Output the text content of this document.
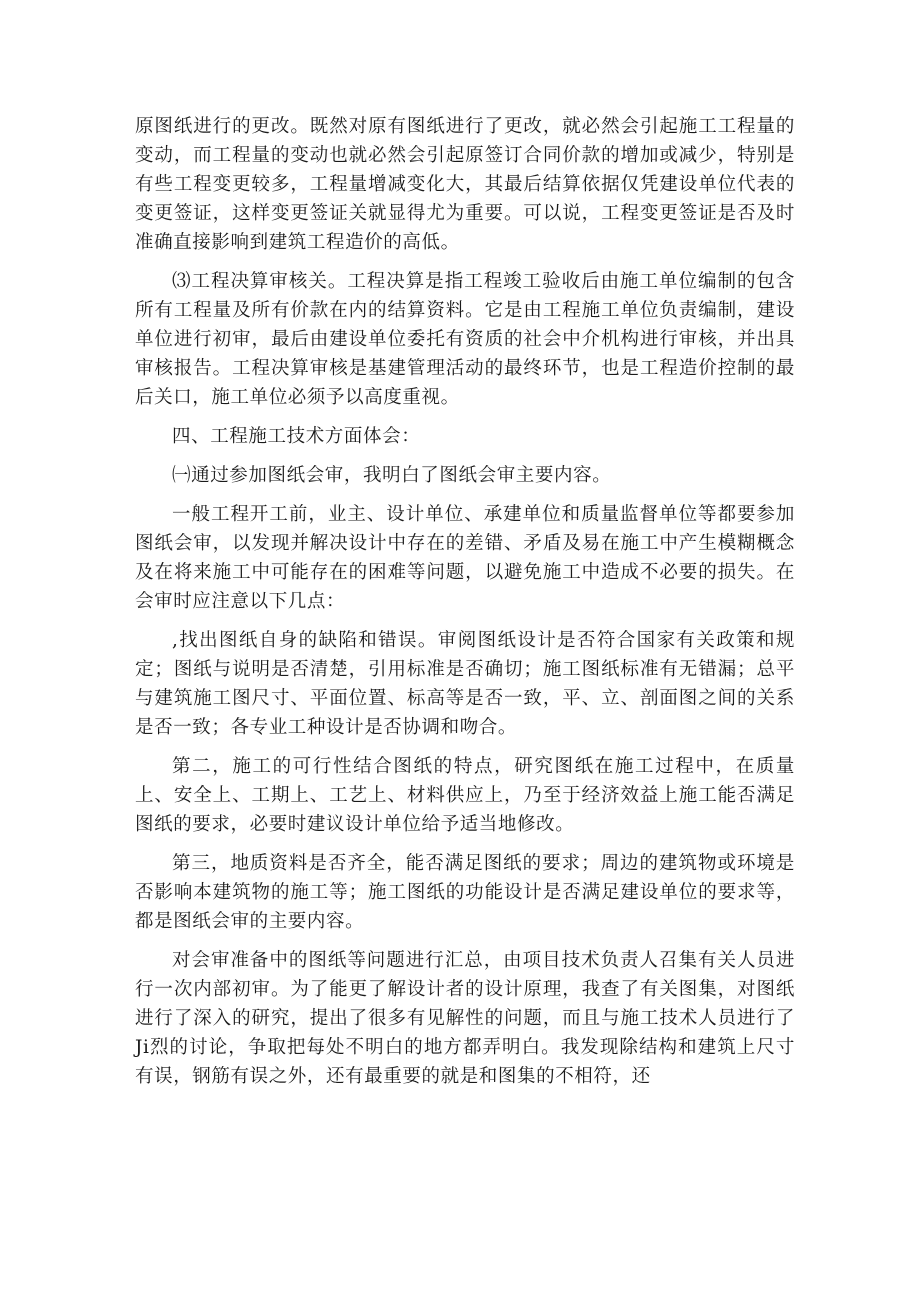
原图纸进行的更改。既然对原有图纸进行了更改，就必然会引起施工工程量的变动，而工程量的变动也就必然会引起原签订合同价款的增加或减少，特别是有些工程变更较多，工程量增减变化大，其最后结算依据仅凭建设单位代表的变更签证，这样变更签证关就显得尤为重要。可以说，工程变更签证是否及时准确直接影响到建筑工程造价的高低。

⑶工程决算审核关。工程决算是指工程竣工验收后由施工单位编制的包含所有工程量及所有价款在内的结算资料。它是由工程施工单位负责编制，建设单位进行初审，最后由建设单位委托有资质的社会中介机构进行审核，并出具审核报告。工程决算审核是基建管理活动的最终环节，也是工程造价控制的最后关口，施工单位必须予以高度重视。

四、工程施工技术方面体会：

㈠通过参加图纸会审，我明白了图纸会审主要内容。

一般工程开工前，业主、设计单位、承建单位和质量监督单位等都要参加图纸会审，以发现并解决设计中存在的差错、矛盾及易在施工中产生模糊概念及在将来施工中可能存在的困难等问题，以避免施工中造成不必要的损失。在会审时应注意以下几点：

,找出图纸自身的缺陷和错误。审阅图纸设计是否符合国家有关政策和规定；图纸与说明是否清楚，引用标准是否确切；施工图纸标准有无错漏；总平与建筑施工图尺寸、平面位置、标高等是否一致，平、立、剖面图之间的关系是否一致；各专业工种设计是否协调和吻合。

第二，施工的可行性结合图纸的特点，研究图纸在施工过程中，在质量上、安全上、工期上、工艺上、材料供应上，乃至于经济效益上施工能否满足图纸的要求，必要时建议设计单位给予适当地修改。

第三，地质资料是否齐全，能否满足图纸的要求；周边的建筑物或环境是否影响本建筑物的施工等；施工图纸的功能设计是否满足建设单位的要求等，都是图纸会审的主要内容。

对会审准备中的图纸等问题进行汇总，由项目技术负责人召集有关人员进行一次内部初审。为了能更了解设计者的设计原理，我查了有关图集，对图纸进行了深入的研究，提出了很多有见解性的问题，而且与施工技术人员进行了Ji烈的讨论，争取把每处不明白的地方都弄明白。我发现除结构和建筑上尺寸有误，钢筋有误之外，还有最重要的就是和图集的不相符，还
